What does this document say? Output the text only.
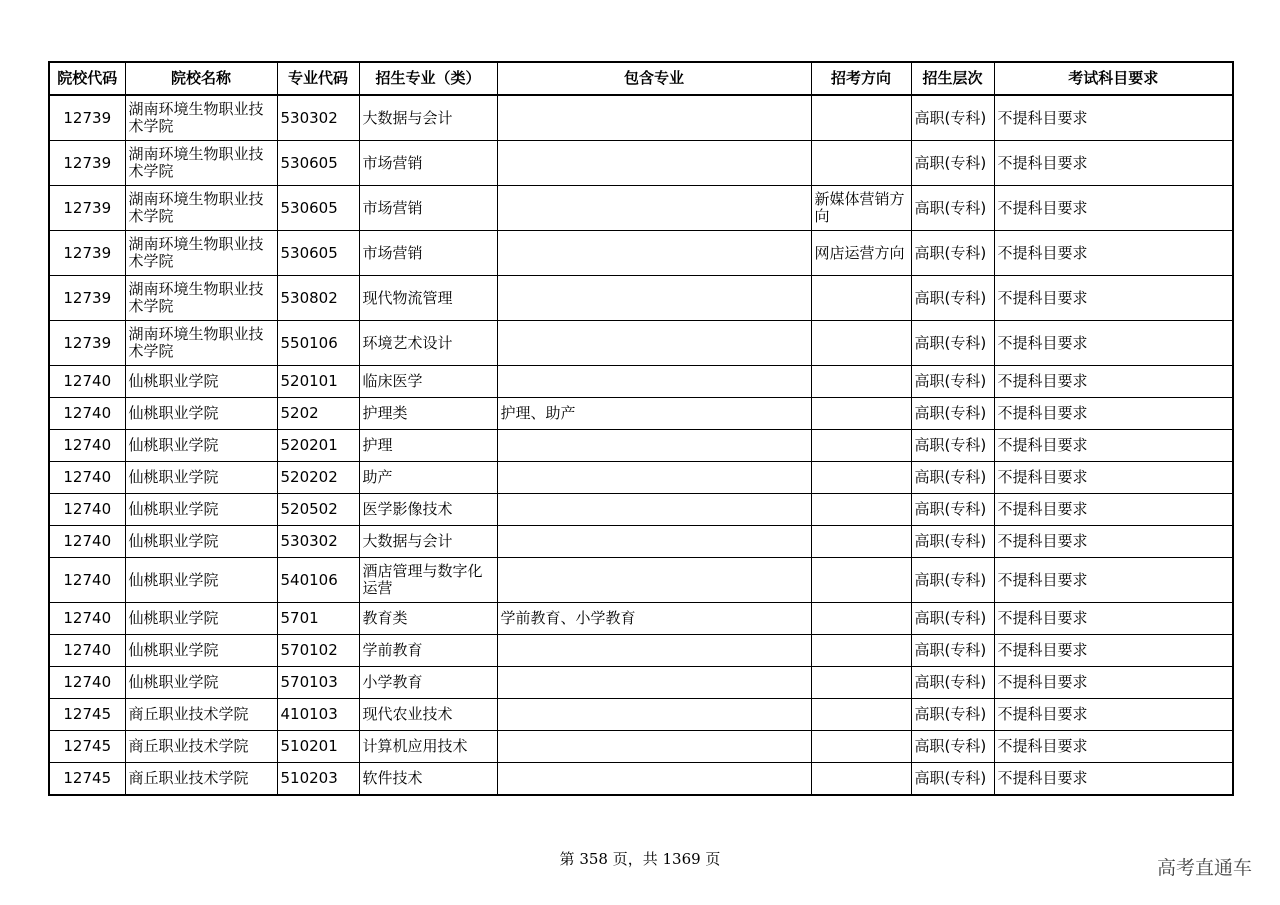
院校代码	院校名称	专业代码	招生专业（类）	包含专业	招考方向	招生层次	考试科目要求
12739	湖南环境生物职业技术学院	530302	大数据与会计			高职(专科)	不提科目要求
12739	湖南环境生物职业技术学院	530605	市场营销			高职(专科)	不提科目要求
12739	湖南环境生物职业技术学院	530605	市场营销		新媒体营销方向	高职(专科)	不提科目要求
12739	湖南环境生物职业技术学院	530605	市场营销		网店运营方向	高职(专科)	不提科目要求
12739	湖南环境生物职业技术学院	530802	现代物流管理			高职(专科)	不提科目要求
12739	湖南环境生物职业技术学院	550106	环境艺术设计			高职(专科)	不提科目要求
12740	仙桃职业学院	520101	临床医学			高职(专科)	不提科目要求
12740	仙桃职业学院	5202	护理类	护理、助产		高职(专科)	不提科目要求
12740	仙桃职业学院	520201	护理			高职(专科)	不提科目要求
12740	仙桃职业学院	520202	助产			高职(专科)	不提科目要求
12740	仙桃职业学院	520502	医学影像技术			高职(专科)	不提科目要求
12740	仙桃职业学院	530302	大数据与会计			高职(专科)	不提科目要求
12740	仙桃职业学院	540106	酒店管理与数字化运营			高职(专科)	不提科目要求
12740	仙桃职业学院	5701	教育类	学前教育、小学教育		高职(专科)	不提科目要求
12740	仙桃职业学院	570102	学前教育			高职(专科)	不提科目要求
12740	仙桃职业学院	570103	小学教育			高职(专科)	不提科目要求
12745	商丘职业技术学院	410103	现代农业技术			高职(专科)	不提科目要求
12745	商丘职业技术学院	510201	计算机应用技术			高职(专科)	不提科目要求
12745	商丘职业技术学院	510203	软件技术			高职(专科)	不提科目要求
第 358 页，共 1369 页	高考直通车
